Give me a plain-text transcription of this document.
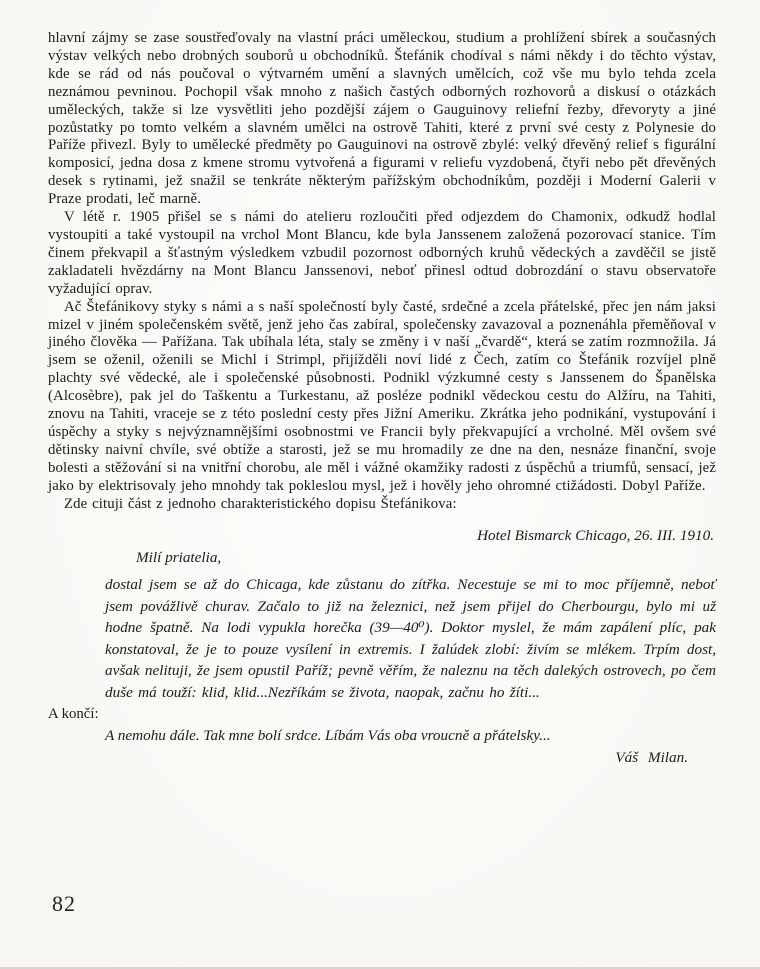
hlavní zájmy se zase soustřeďovaly na vlastní práci uměleckou, studium a prohlížení sbírek a současných výstav velkých nebo drobných souborů u obchodníků. Štefánik chodíval s námi někdy i do těchto výstav, kde se rád od nás poučoval o výtvarném umění a slavných umělcích, což vše mu bylo tehda zcela neznámou pevninou. Pochopil však mnoho z našich častých odborných rozhovorů a diskusí o otázkách uměleckých, takže si lze vysvětliti jeho pozdější zájem o Gauguinovy reliefní řezby, dřevoryty a jiné pozůstatky po tomto velkém a slavném umělci na ostrově Tahiti, které z první své cesty z Polynesie do Paříže přivezl. Byly to umělecké předměty po Gauguinovi na ostrově zbylé: velký dřevěný relief s figurální komposicí, jedna dosa z kmene stromu vytvořená a figurami v reliefu vyzdobená, čtyři nebo pět dřevěných desek s rytinami, jež snažil se tenkráte některým pařížským obchodníkům, později i Moderní Galerii v Praze prodati, leč marně.

V létě r. 1905 přišel se s námi do atelieru rozloučiti před odjezdem do Chamonix, odkudž hodlal vystoupiti a také vystoupil na vrchol Mont Blancu, kde byla Janssenem založená pozorovací stanice. Tím činem překvapil a šťastným výsledkem vzbudil pozornost odborných kruhů vědeckých a zavděčil se jistě zakladateli hvězdárny na Mont Blancu Janssenovi, neboť přinesl odtud dobrozdání o stavu observatoře vyžadující oprav.

Ač Štefánikovy styky s námi a s naší společností byly časté, srdečné a zcela přátelské, přec jen nám jaksi mizel v jiném společenském světě, jenž jeho čas zabíral, společensky zavazoval a poznenáhla přeměňoval v jiného člověka — Pařížana. Tak ubíhala léta, staly se změny i v naší „čvardě“, která se zatím rozmnožila. Já jsem se oženil, oženili se Michl i Strimpl, přijížděli noví lidé z Čech, zatím co Štefánik rozvíjel plně plachty své vědecké, ale i společenské působnosti. Podnikl výzkumné cesty s Janssenem do Španělska (Alcosèbre), pak jel do Taškentu a Turkestanu, až posléze podnikl vědeckou cestu do Alžíru, na Tahiti, znovu na Tahiti, vraceje se z této poslední cesty přes Jižní Ameriku. Zkrátka jeho podnikání, vystupování i úspěchy a styky s nejvýznamnějšími osobnostmi ve Francii byly překvapující a vrcholné. Měl ovšem své dětinsky naivní chvíle, své obtíže a starosti, jež se mu hromadily ze dne na den, nesnáze finanční, svoje bolesti a stěžování si na vnitřní chorobu, ale měl i vážné okamžiky radosti z úspěchů a triumfů, sensací, jež jako by elektrisovaly jeho mnohdy tak pokleslou mysl, jež i hověly jeho ohromné ctižádosti. Dobyl Paříže.

Zde cituji část z jednoho charakteristického dopisu Štefánikova:

Hotel Bismarck Chicago, 26. III. 1910.
Milí priatelia,

dostal jsem se až do Chicaga, kde zůstanu do zítřka. Necestuje se mi to moc příjemně, neboť jsem povážlivě churav. Začalo to již na železnici, než jsem přijel do Cherbourgu, bylo mi už hodne špatně. Na lodi vypukla horečka (39—40⁰). Doktor myslel, že mám zapálení plíc, pak konstatoval, že je to pouze vysílení in extremis. I žalúdek zlobí: živím se mlékem. Trpím dost, avšak nelituji, že jsem opustil Paříž; pevně věřím, že naleznu na těch dalekých ostrovech, po čem duše má touží: klid, klid...Nezříkám se života, naopak, začnu ho žíti...

A končí:

A nemohu dále. Tak mne bolí srdce. Líbám Vás oba vroucně a přátelsky...

Váš Milan.
82
